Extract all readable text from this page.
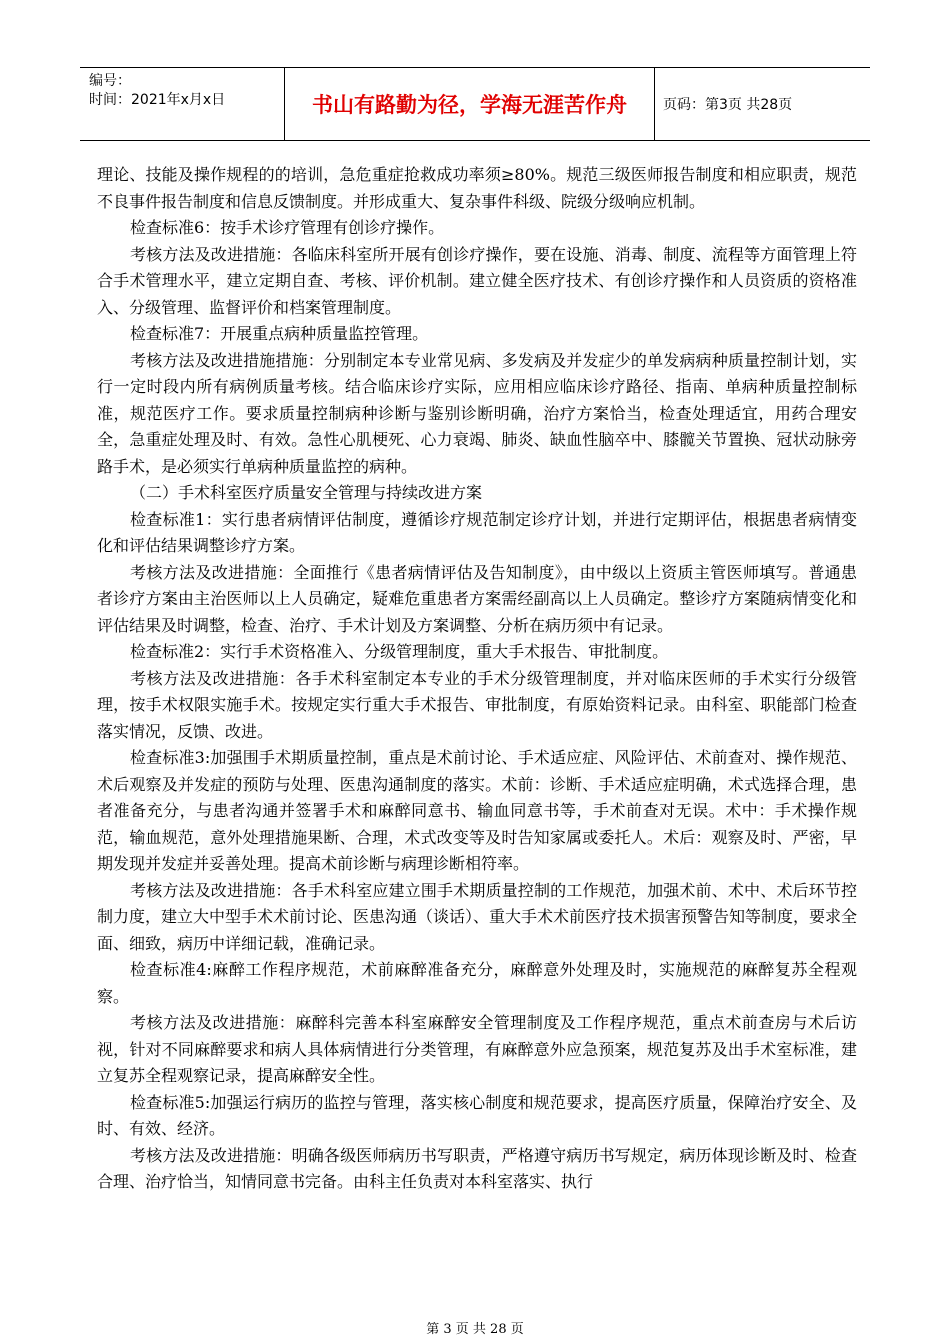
编号：
时间：2021年x月x日	书山有路勤为径，学海无涯苦作舟	页码：第3页 共28页

理论、技能及操作规程的的培训，急危重症抢救成功率须≥80%。规范三级医师报告制度和相应职责，规范不良事件报告制度和信息反馈制度。并形成重大、复杂事件科级、院级分级响应机制。

检查标准6：按手术诊疗管理有创诊疗操作。

考核方法及改进措施：各临床科室所开展有创诊疗操作，要在设施、消毒、制度、流程等方面管理上符合手术管理水平，建立定期自查、考核、评价机制。建立健全医疗技术、有创诊疗操作和人员资质的资格准入、分级管理、监督评价和档案管理制度。

检查标准7：开展重点病种质量监控管理。

考核方法及改进措施措施：分别制定本专业常见病、多发病及并发症少的单发病病种质量控制计划，实行一定时段内所有病例质量考核。结合临床诊疗实际，应用相应临床诊疗路径、指南、单病种质量控制标准，规范医疗工作。要求质量控制病种诊断与鉴别诊断明确，治疗方案恰当，检查处理适宜，用药合理安全，急重症处理及时、有效。急性心肌梗死、心力衰竭、肺炎、缺血性脑卒中、膝髋关节置换、冠状动脉旁路手术，是必须实行单病种质量监控的病种。

（二）手术科室医疗质量安全管理与持续改进方案

检查标准1：实行患者病情评估制度，遵循诊疗规范制定诊疗计划，并进行定期评估，根据患者病情变化和评估结果调整诊疗方案。

考核方法及改进措施：全面推行《患者病情评估及告知制度》，由中级以上资质主管医师填写。普通患者诊疗方案由主治医师以上人员确定，疑难危重患者方案需经副高以上人员确定。整诊疗方案随病情变化和评估结果及时调整，检查、治疗、手术计划及方案调整、分析在病历须中有记录。

检查标准2：实行手术资格准入、分级管理制度，重大手术报告、审批制度。

考核方法及改进措施：各手术科室制定本专业的手术分级管理制度，并对临床医师的手术实行分级管理，按手术权限实施手术。按规定实行重大手术报告、审批制度，有原始资料记录。由科室、职能部门检查落实情况，反馈、改进。

检查标准3:加强围手术期质量控制，重点是术前讨论、手术适应症、风险评估、术前查对、操作规范、术后观察及并发症的预防与处理、医患沟通制度的落实。术前：诊断、手术适应症明确，术式选择合理，患者准备充分，与患者沟通并签署手术和麻醉同意书、输血同意书等，手术前查对无误。术中：手术操作规范，输血规范，意外处理措施果断、合理，术式改变等及时告知家属或委托人。术后：观察及时、严密，早期发现并发症并妥善处理。提高术前诊断与病理诊断相符率。

考核方法及改进措施：各手术科室应建立围手术期质量控制的工作规范，加强术前、术中、术后环节控制力度，建立大中型手术术前讨论、医患沟通（谈话）、重大手术术前医疗技术损害预警告知等制度，要求全面、细致，病历中详细记载，准确记录。

检查标准4:麻醉工作程序规范，术前麻醉准备充分，麻醉意外处理及时，实施规范的麻醉复苏全程观察。

考核方法及改进措施：麻醉科完善本科室麻醉安全管理制度及工作程序规范，重点术前查房与术后访视，针对不同麻醉要求和病人具体病情进行分类管理，有麻醉意外应急预案，规范复苏及出手术室标准，建立复苏全程观察记录，提高麻醉安全性。

检查标准5:加强运行病历的监控与管理，落实核心制度和规范要求，提高医疗质量，保障治疗安全、及时、有效、经济。

考核方法及改进措施：明确各级医师病历书写职责，严格遵守病历书写规定，病历体现诊断及时、检查合理、治疗恰当，知情同意书完备。由科主任负责对本科室落实、执行

第 3 页 共 28 页
